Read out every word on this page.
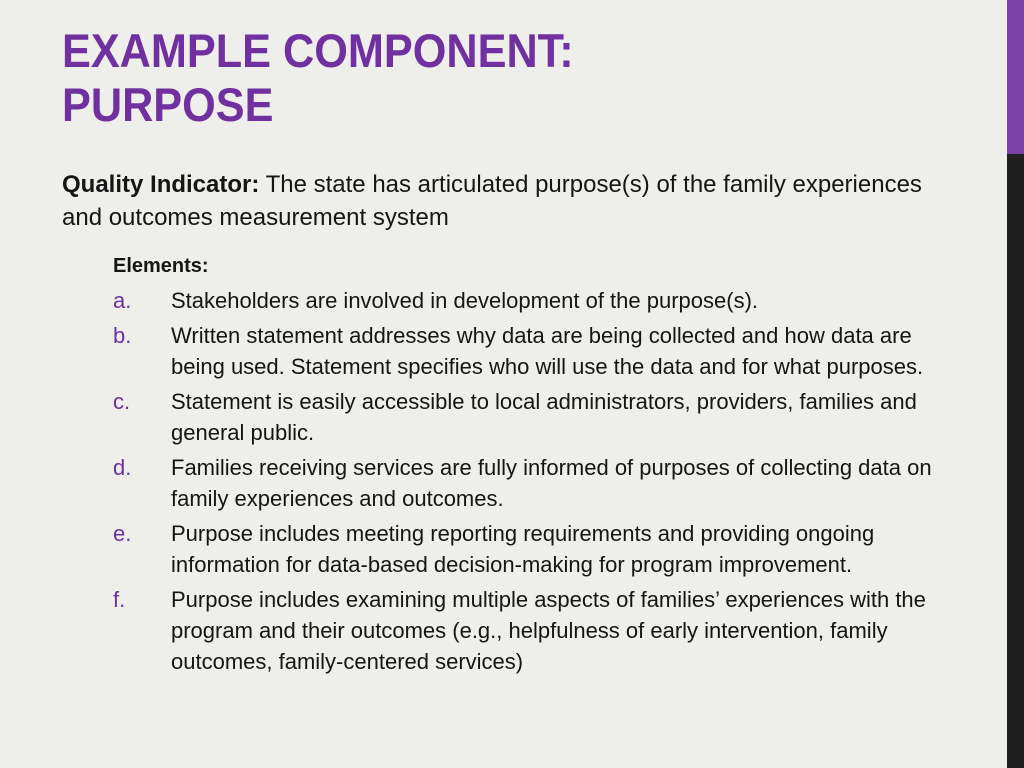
EXAMPLE COMPONENT:
PURPOSE
Quality Indicator: The state has articulated purpose(s) of the family experiences and outcomes measurement system
Elements:
a. Stakeholders are involved in development of the purpose(s).
b. Written statement addresses why data are being collected and how data are being used. Statement specifies who will use the data and for what purposes.
c. Statement is easily accessible to local administrators, providers, families and general public.
d. Families receiving services are fully informed of purposes of collecting data on family experiences and outcomes.
e. Purpose includes meeting reporting requirements and providing ongoing information for data-based decision-making for program improvement.
f. Purpose includes examining multiple aspects of families’ experiences with the program and their outcomes (e.g., helpfulness of early intervention, family outcomes, family-centered services)
